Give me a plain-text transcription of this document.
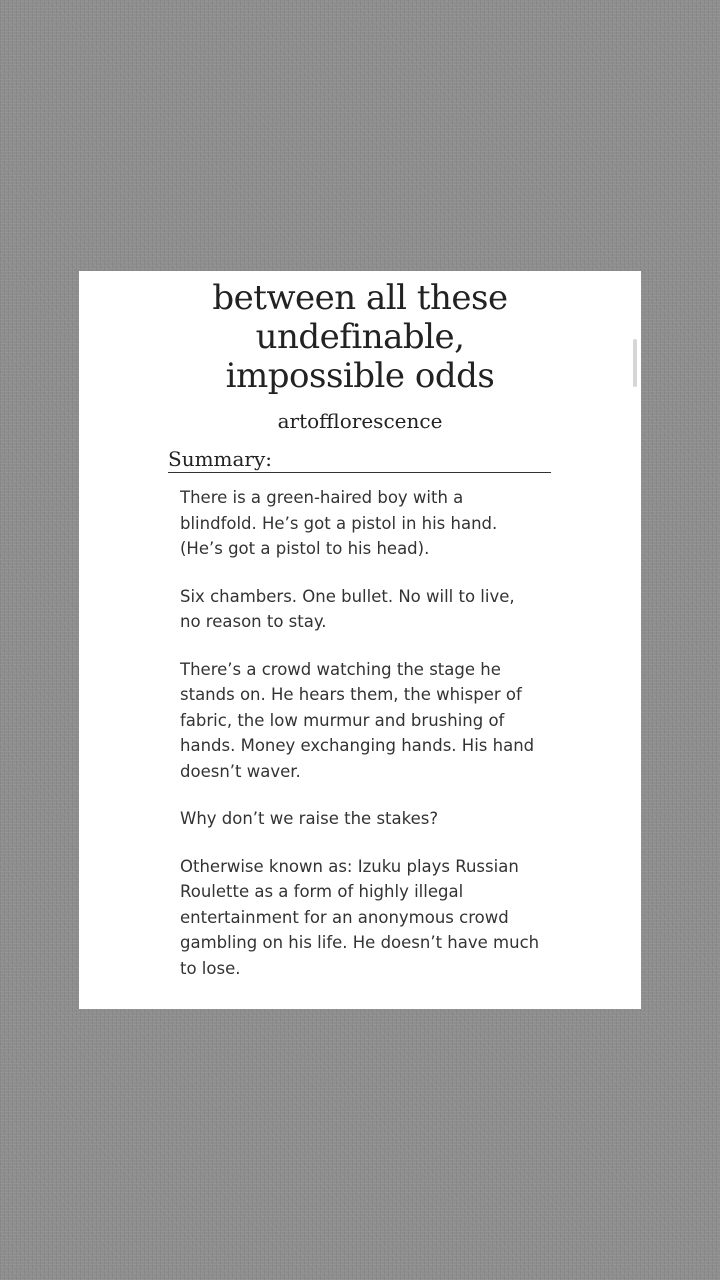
between all these
undefinable,
impossible odds
artofflorescence
Summary:

There is a green-haired boy with a blindfold. He’s got a pistol in his hand. (He’s got a pistol to his head).

Six chambers. One bullet. No will to live, no reason to stay.

There’s a crowd watching the stage he stands on. He hears them, the whisper of fabric, the low murmur and brushing of hands. Money exchanging hands. His hand doesn’t waver.

Why don’t we raise the stakes?

Otherwise known as: Izuku plays Russian Roulette as a form of highly illegal entertainment for an anonymous crowd gambling on his life. He doesn’t have much to lose.
